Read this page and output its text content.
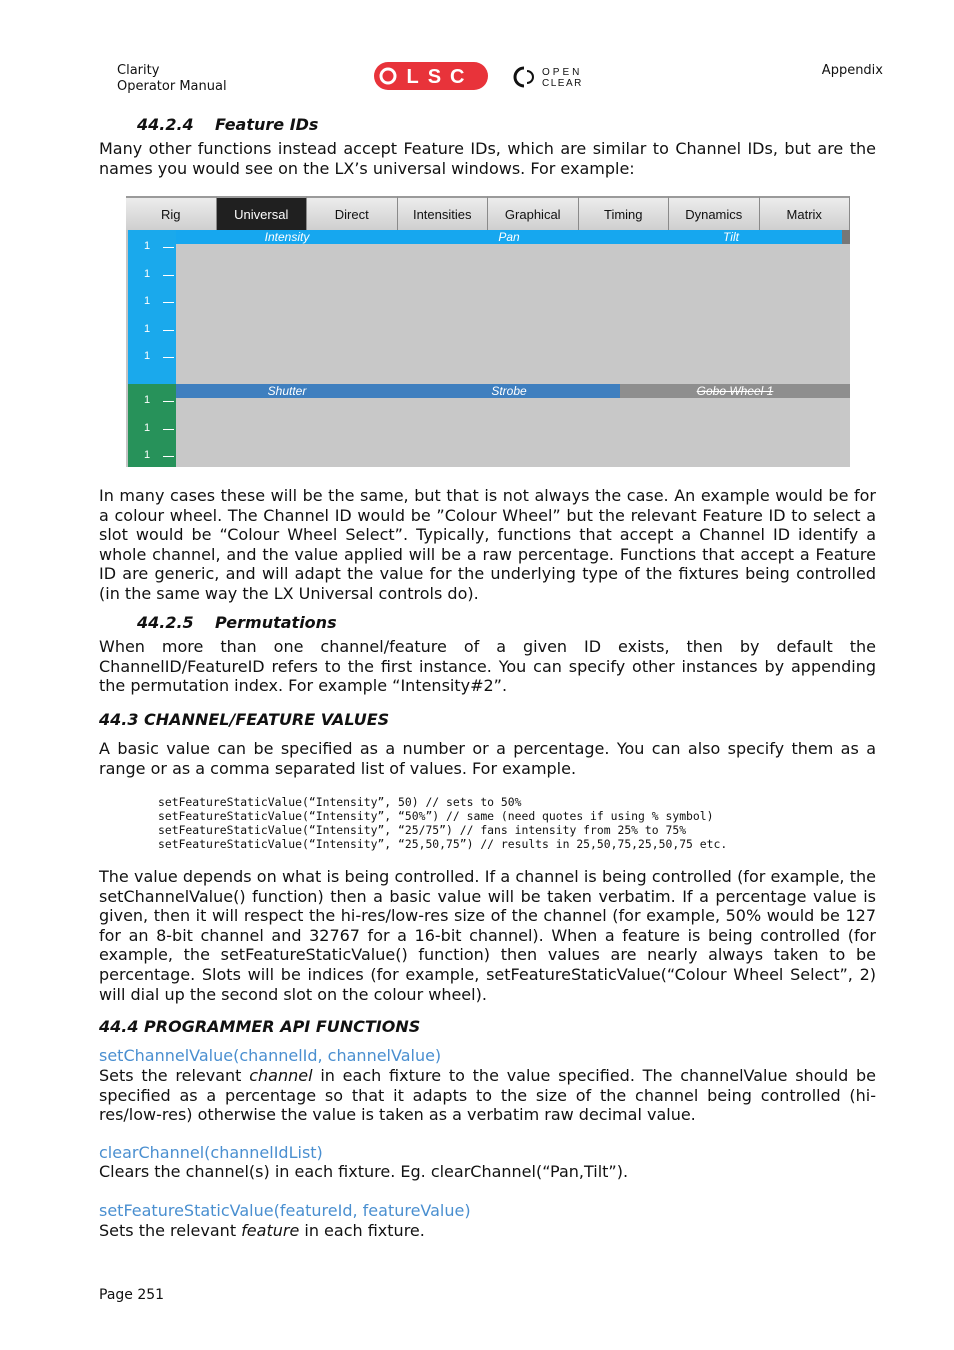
Clarity
Operator Manual	LSC	OPEN
CLEAR
Appendix
44.2.4 Feature IDs

Many other functions instead accept Feature IDs, which are similar to Channel IDs, but are the names you would see on the LX’s universal windows. For example:

Rig	Universal	Direct	Intensities	Graphical	Timing	Dynamics	Matrix
1
1
1
1
1
Intensity	Pan	Tilt
1
1
1
Shutter	Strobe	Gobo Wheel 1

In many cases these will be the same, but that is not always the case. An example would be for a colour wheel. The Channel ID would be ”Colour Wheel” but the relevant Feature ID to select a slot would be “Colour Wheel Select”. Typically, functions that accept a Channel ID identify a whole channel, and the value applied will be a raw percentage. Functions that accept a Feature ID are generic, and will adapt the value for the underlying type of the fixtures being controlled (in the same way the LX Universal controls do).

44.2.5 Permutations

When more than one channel/feature of a given ID exists, then by default the ChannelID/FeatureID refers to the first instance. You can specify other instances by appending the permutation index. For example “Intensity#2”.

44.3 CHANNEL/FEATURE VALUES

A basic value can be specified as a number or a percentage. You can also specify them as a range or as a comma separated list of values. For example.

setFeatureStaticValue(“Intensity”, 50) // sets to 50%
setFeatureStaticValue(“Intensity”, “50%”) // same (need quotes if using % symbol)
setFeatureStaticValue(“Intensity”, “25/75”) // fans intensity from 25% to 75%
setFeatureStaticValue(“Intensity”, “25,50,75”) // results in 25,50,75,25,50,75 etc.

The value depends on what is being controlled. If a channel is being controlled (for example, the setChannelValue() function) then a basic value will be taken verbatim. If a percentage value is given, then it will respect the hi-res/low-res size of the channel (for example, 50% would be 127 for an 8-bit channel and 32767 for a 16-bit channel). When a feature is being controlled (for example, the setFeatureStaticValue() function) then values are nearly always taken to be percentage. Slots will be indices (for example, setFeatureStaticValue(“Colour Wheel Select”, 2) will dial up the second slot on the colour wheel).

44.4 PROGRAMMER API FUNCTIONS
setChannelValue(channelId, channelValue)

Sets the relevant channel in each fixture to the value specified. The channelValue should be specified as a percentage so that it adapts to the size of the channel being controlled (hi-res/low-res) otherwise the value is taken as a verbatim raw decimal value.

clearChannel(channelIdList)

Clears the channel(s) in each fixture. Eg. clearChannel(“Pan,Tilt”).

setFeatureStaticValue(featureId, featureValue)

Sets the relevant feature in each fixture.

Page 251
